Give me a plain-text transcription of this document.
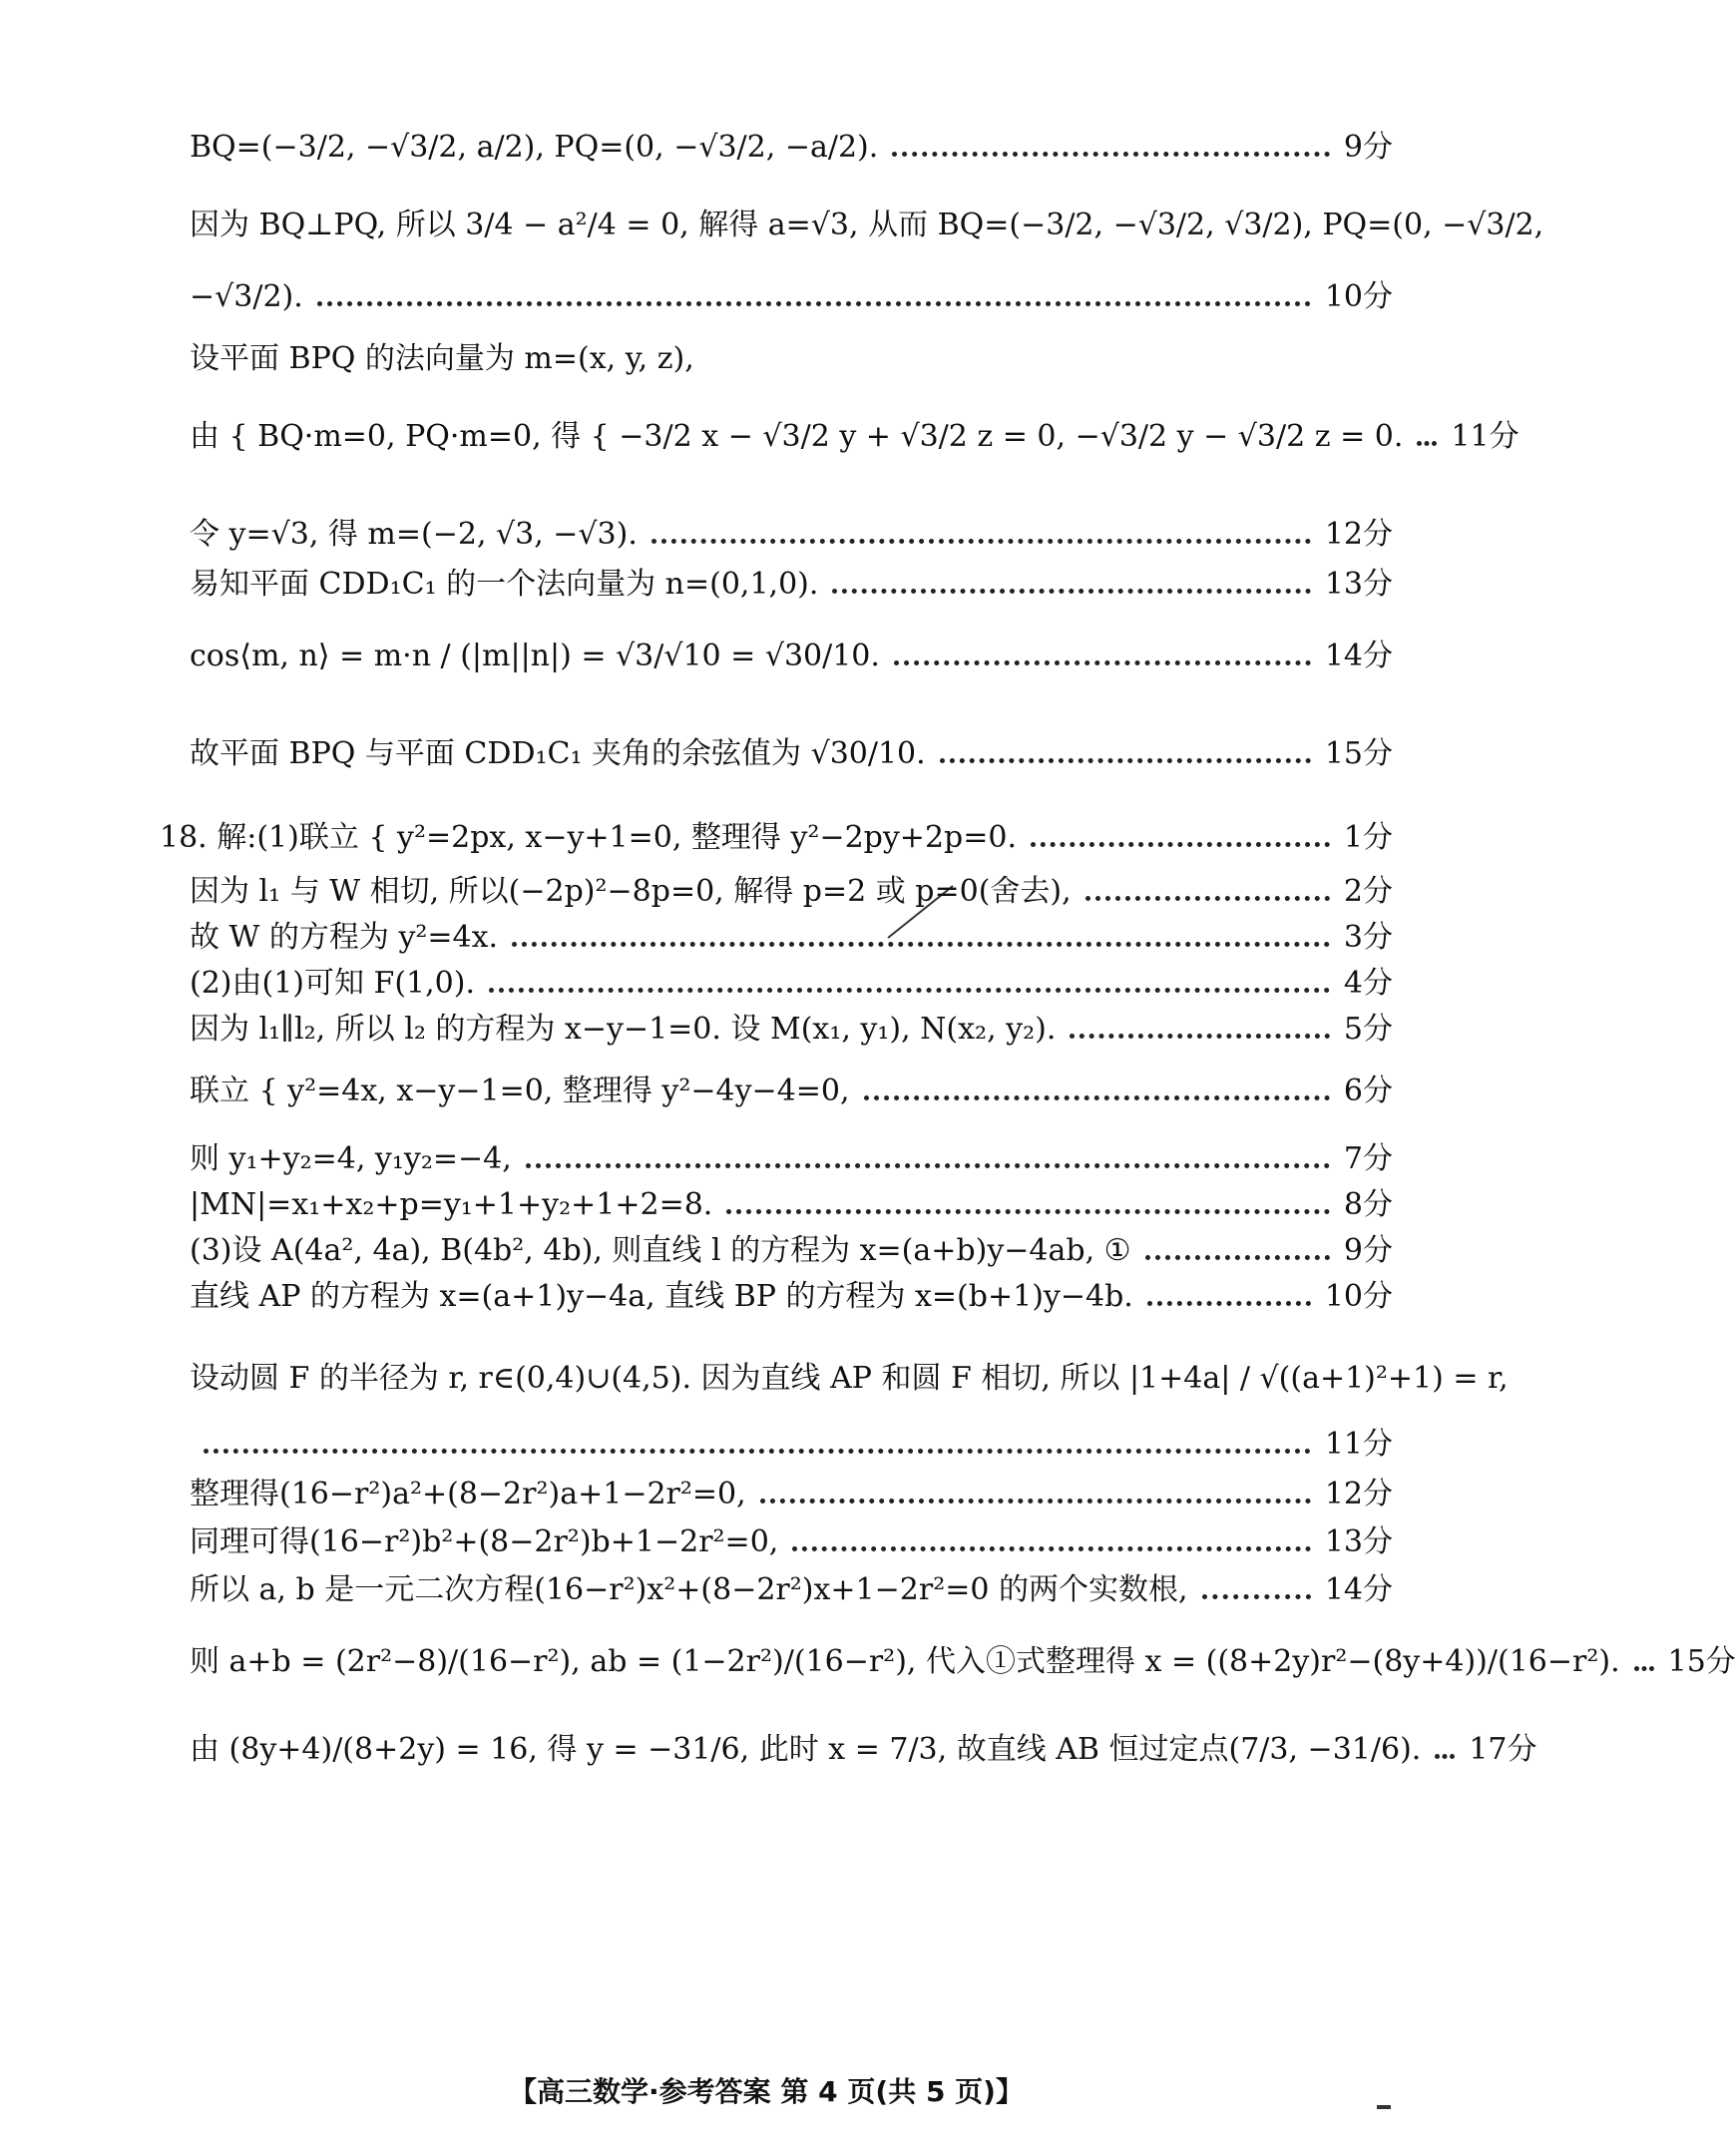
BQ=(−3/2, −√3/2, a/2), PQ=(0, −√3/2, −a/2).	9分
因为 BQ⊥PQ, 所以 3/4 − a²/4 = 0, 解得 a=√3, 从而 BQ=(−3/2, −√3/2, √3/2), PQ=(0, −√3/2,
−√3/2).	10分
设平面 BPQ 的法向量为 m=(x, y, z),
由 { BQ·m=0, PQ·m=0, 得 { −3/2 x − √3/2 y + √3/2 z = 0, −√3/2 y − √3/2 z = 0. 11分
令 y=√3, 得 m=(−2, √3, −√3).	12分
易知平面 CDD₁C₁ 的一个法向量为 n=(0,1,0).	13分
cos⟨m, n⟩ = m·n / (|m||n|) = √3/√10 = √30/10.	14分
故平面 BPQ 与平面 CDD₁C₁ 夹角的余弦值为 √30/10.	15分
18. 解:(1)联立 { y²=2px, x−y+1=0, 整理得 y²−2py+2p=0.	1分
因为 l₁ 与 W 相切, 所以(−2p)²−8p=0, 解得 p=2 或 p=0(舍去),	2分
故 W 的方程为 y²=4x.	3分
(2)由(1)可知 F(1,0).	4分
因为 l₁∥l₂, 所以 l₂ 的方程为 x−y−1=0. 设 M(x₁, y₁), N(x₂, y₂).	5分
联立 { y²=4x, x−y−1=0, 整理得 y²−4y−4=0,	6分
则 y₁+y₂=4, y₁y₂=−4,	7分
|MN|=x₁+x₂+p=y₁+1+y₂+1+2=8.	8分
(3)设 A(4a², 4a), B(4b², 4b), 则直线 l 的方程为 x=(a+b)y−4ab, ①	9分
直线 AP 的方程为 x=(a+1)y−4a, 直线 BP 的方程为 x=(b+1)y−4b.	10分
设动圆 F 的半径为 r, r∈(0,4)∪(4,5). 因为直线 AP 和圆 F 相切, 所以 |1+4a| / √((a+1)²+1) = r,
11分
整理得(16−r²)a²+(8−2r²)a+1−2r²=0,	12分
同理可得(16−r²)b²+(8−2r²)b+1−2r²=0,	13分
所以 a, b 是一元二次方程(16−r²)x²+(8−2r²)x+1−2r²=0 的两个实数根,	14分
则 a+b = (2r²−8)/(16−r²), ab = (1−2r²)/(16−r²), 代入①式整理得 x = ((8+2y)r²−(8y+4))/(16−r²). 15分
由 (8y+4)/(8+2y) = 16, 得 y = −31/6, 此时 x = 7/3, 故直线 AB 恒过定点(7/3, −31/6). 17分
【高三数学·参考答案 第 4 页(共 5 页)】
